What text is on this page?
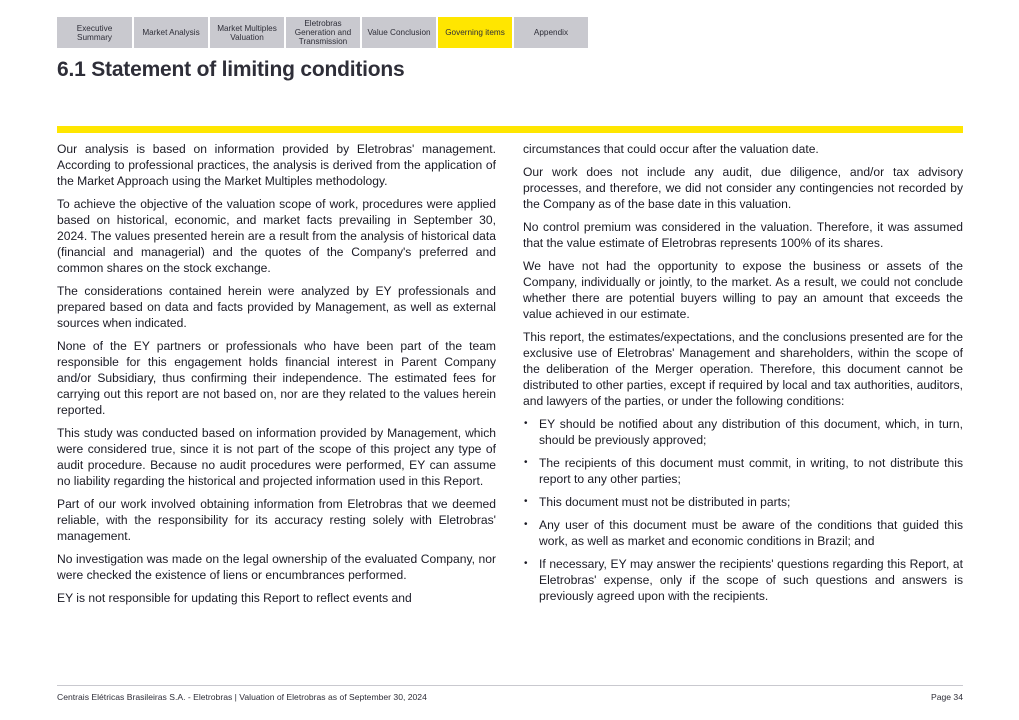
Executive
Summary	Market Analysis	Market Multiples
Valuation
Eletrobras
Generation and
Transmission
Value Conclusion	Governing items	Appendix
6.1 Statement of limiting conditions

Our analysis is based on information provided by Eletrobras' management. According to professional practices, the analysis is derived from the application of the Market Approach using the Market Multiples methodology.

To achieve the objective of the valuation scope of work, procedures were applied based on historical, economic, and market facts prevailing in September 30, 2024. The values presented herein are a result from the analysis of historical data (financial and managerial) and the quotes of the Company's preferred and common shares on the stock exchange.

The considerations contained herein were analyzed by EY professionals and prepared based on data and facts provided by Management, as well as external sources when indicated.

None of the EY partners or professionals who have been part of the team responsible for this engagement holds financial interest in Parent Company and/or Subsidiary, thus confirming their independence. The estimated fees for carrying out this report are not based on, nor are they related to the values herein reported.

This study was conducted based on information provided by Management, which were considered true, since it is not part of the scope of this project any type of audit procedure. Because no audit procedures were performed, EY can assume no liability regarding the historical and projected information used in this Report.

Part of our work involved obtaining information from Eletrobras that we deemed reliable, with the responsibility for its accuracy resting solely with Eletrobras' management.

No investigation was made on the legal ownership of the evaluated Company, nor were checked the existence of liens or encumbrances performed.

EY is not responsible for updating this Report to reflect events and

circumstances that could occur after the valuation date.

Our work does not include any audit, due diligence, and/or tax advisory processes, and therefore, we did not consider any contingencies not recorded by the Company as of the base date in this valuation.

No control premium was considered in the valuation. Therefore, it was assumed that the value estimate of Eletrobras represents 100% of its shares.

We have not had the opportunity to expose the business or assets of the Company, individually or jointly, to the market. As a result, we could not conclude whether there are potential buyers willing to pay an amount that exceeds the value achieved in our estimate.

This report, the estimates/expectations, and the conclusions presented are for the exclusive use of Eletrobras' Management and shareholders, within the scope of the deliberation of the Merger operation. Therefore, this document cannot be distributed to other parties, except if required by local and tax authorities, auditors, and lawyers of the parties, or under the following conditions:

• EY should be notified about any distribution of this document, which, in turn, should be previously approved;
• The recipients of this document must commit, in writing, to not distribute this report to any other parties;
• This document must not be distributed in parts;
• Any user of this document must be aware of the conditions that guided this work, as well as market and economic conditions in Brazil; and
• If necessary, EY may answer the recipients' questions regarding this Report, at Eletrobras' expense, only if the scope of such questions and answers is previously agreed upon with the recipients.
Centrais Elétricas Brasileiras S.A. - Eletrobras | Valuation of Eletrobras as of September 30, 2024	Page 34
